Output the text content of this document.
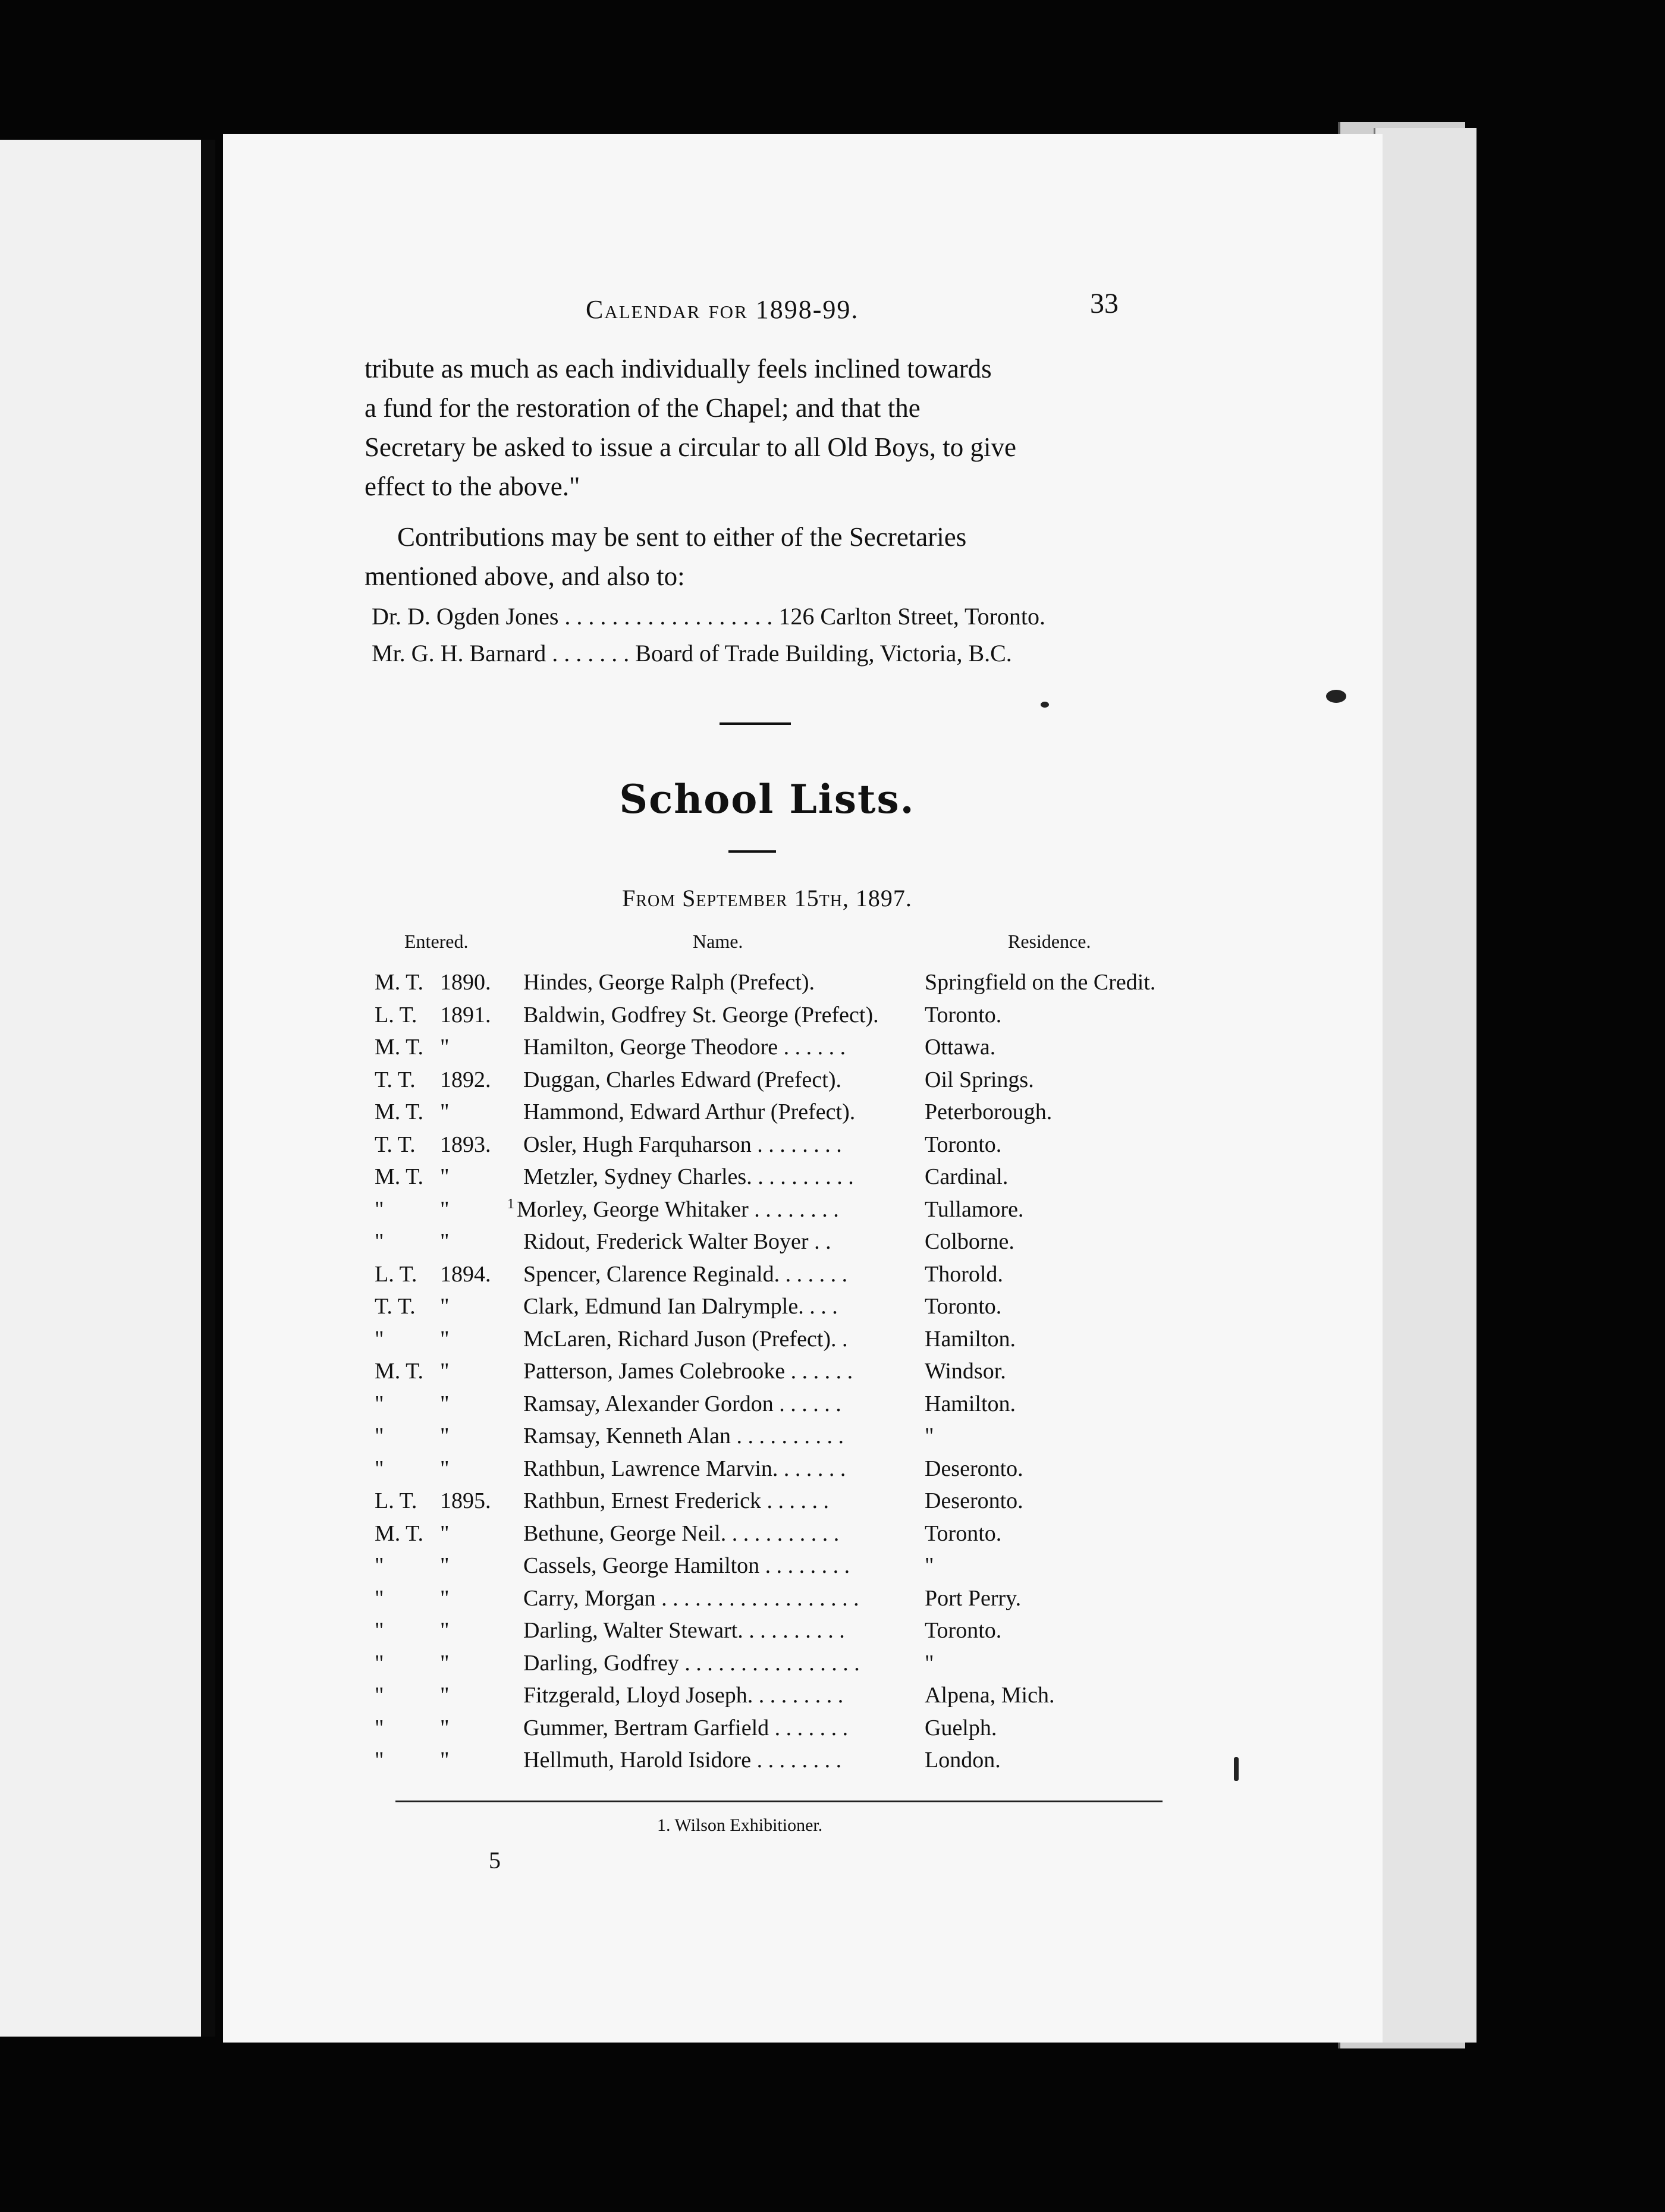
Calendar for 1898-99.	33

tribute as much as each individually feels inclined towards

a fund for the restoration of the Chapel; and that the

Secretary be asked to issue a circular to all Old Boys, to give

effect to the above."

Contributions may be sent to either of the Secretaries

mentioned above, and also to:

Dr. D. Ogden Jones . . . . . . . . . . . . . . . . . . 126 Carlton Street, Toronto.
Mr. G. H. Barnard . . . . . . . Board of Trade Building, Victoria, B.C.
School Lists.
From September 15th, 1897.
Entered.	Name.	Residence.
M. T. 1890.	Hindes, George Ralph (Prefect).	Springfield on the Credit.
L. T. 1891.	Baldwin, Godfrey St. George (Prefect). Toronto.
M. T. "	Hamilton, George Theodore . . . . . .	Ottawa.
T. T. 1892.	Duggan, Charles Edward (Prefect).	Oil Springs.
M. T. "	Hammond, Edward Arthur (Prefect).	Peterborough.
T. T. 1893.	Osler, Hugh Farquharson . . . . . . . .	Toronto.
M. T. "	Metzler, Sydney Charles. . . . . . . . . .	Cardinal.
" "	$^1$ Morley, George Whitaker . . . . . . . .	Tullamore.
" "	Ridout, Frederick Walter Boyer . .	Colborne.
L. T. 1894.	Spencer, Clarence Reginald. . . . . . .	Thorold.
T. T. "	Clark, Edmund Ian Dalrymple. . . .	Toronto.
" "	McLaren, Richard Juson (Prefect). .	Hamilton.
M. T. "	Patterson, James Colebrooke . . . . . .	Windsor.
" "	Ramsay, Alexander Gordon . . . . . .	Hamilton.
" "	Ramsay, Kenneth Alan . . . . . . . . . .	"
" "	Rathbun, Lawrence Marvin. . . . . . .	Deseronto.
L. T. 1895.	Rathbun, Ernest Frederick . . . . . .	Deseronto.
M. T. "	Bethune, George Neil. . . . . . . . . . .	Toronto.
" "	Cassels, George Hamilton . . . . . . . .	"
" "	Carry, Morgan . . . . . . . . . . . . . . . . . .	Port Perry.
" "	Darling, Walter Stewart. . . . . . . . . .	Toronto.
" "	Darling, Godfrey . . . . . . . . . . . . . . . .	"
" "	Fitzgerald, Lloyd Joseph. . . . . . . . .	Alpena, Mich.
" "	Gummer, Bertram Garfield . . . . . . .	Guelph.
" "	Hellmuth, Harold Isidore . . . . . . . .	London.
1. Wilson Exhibitioner.
5
